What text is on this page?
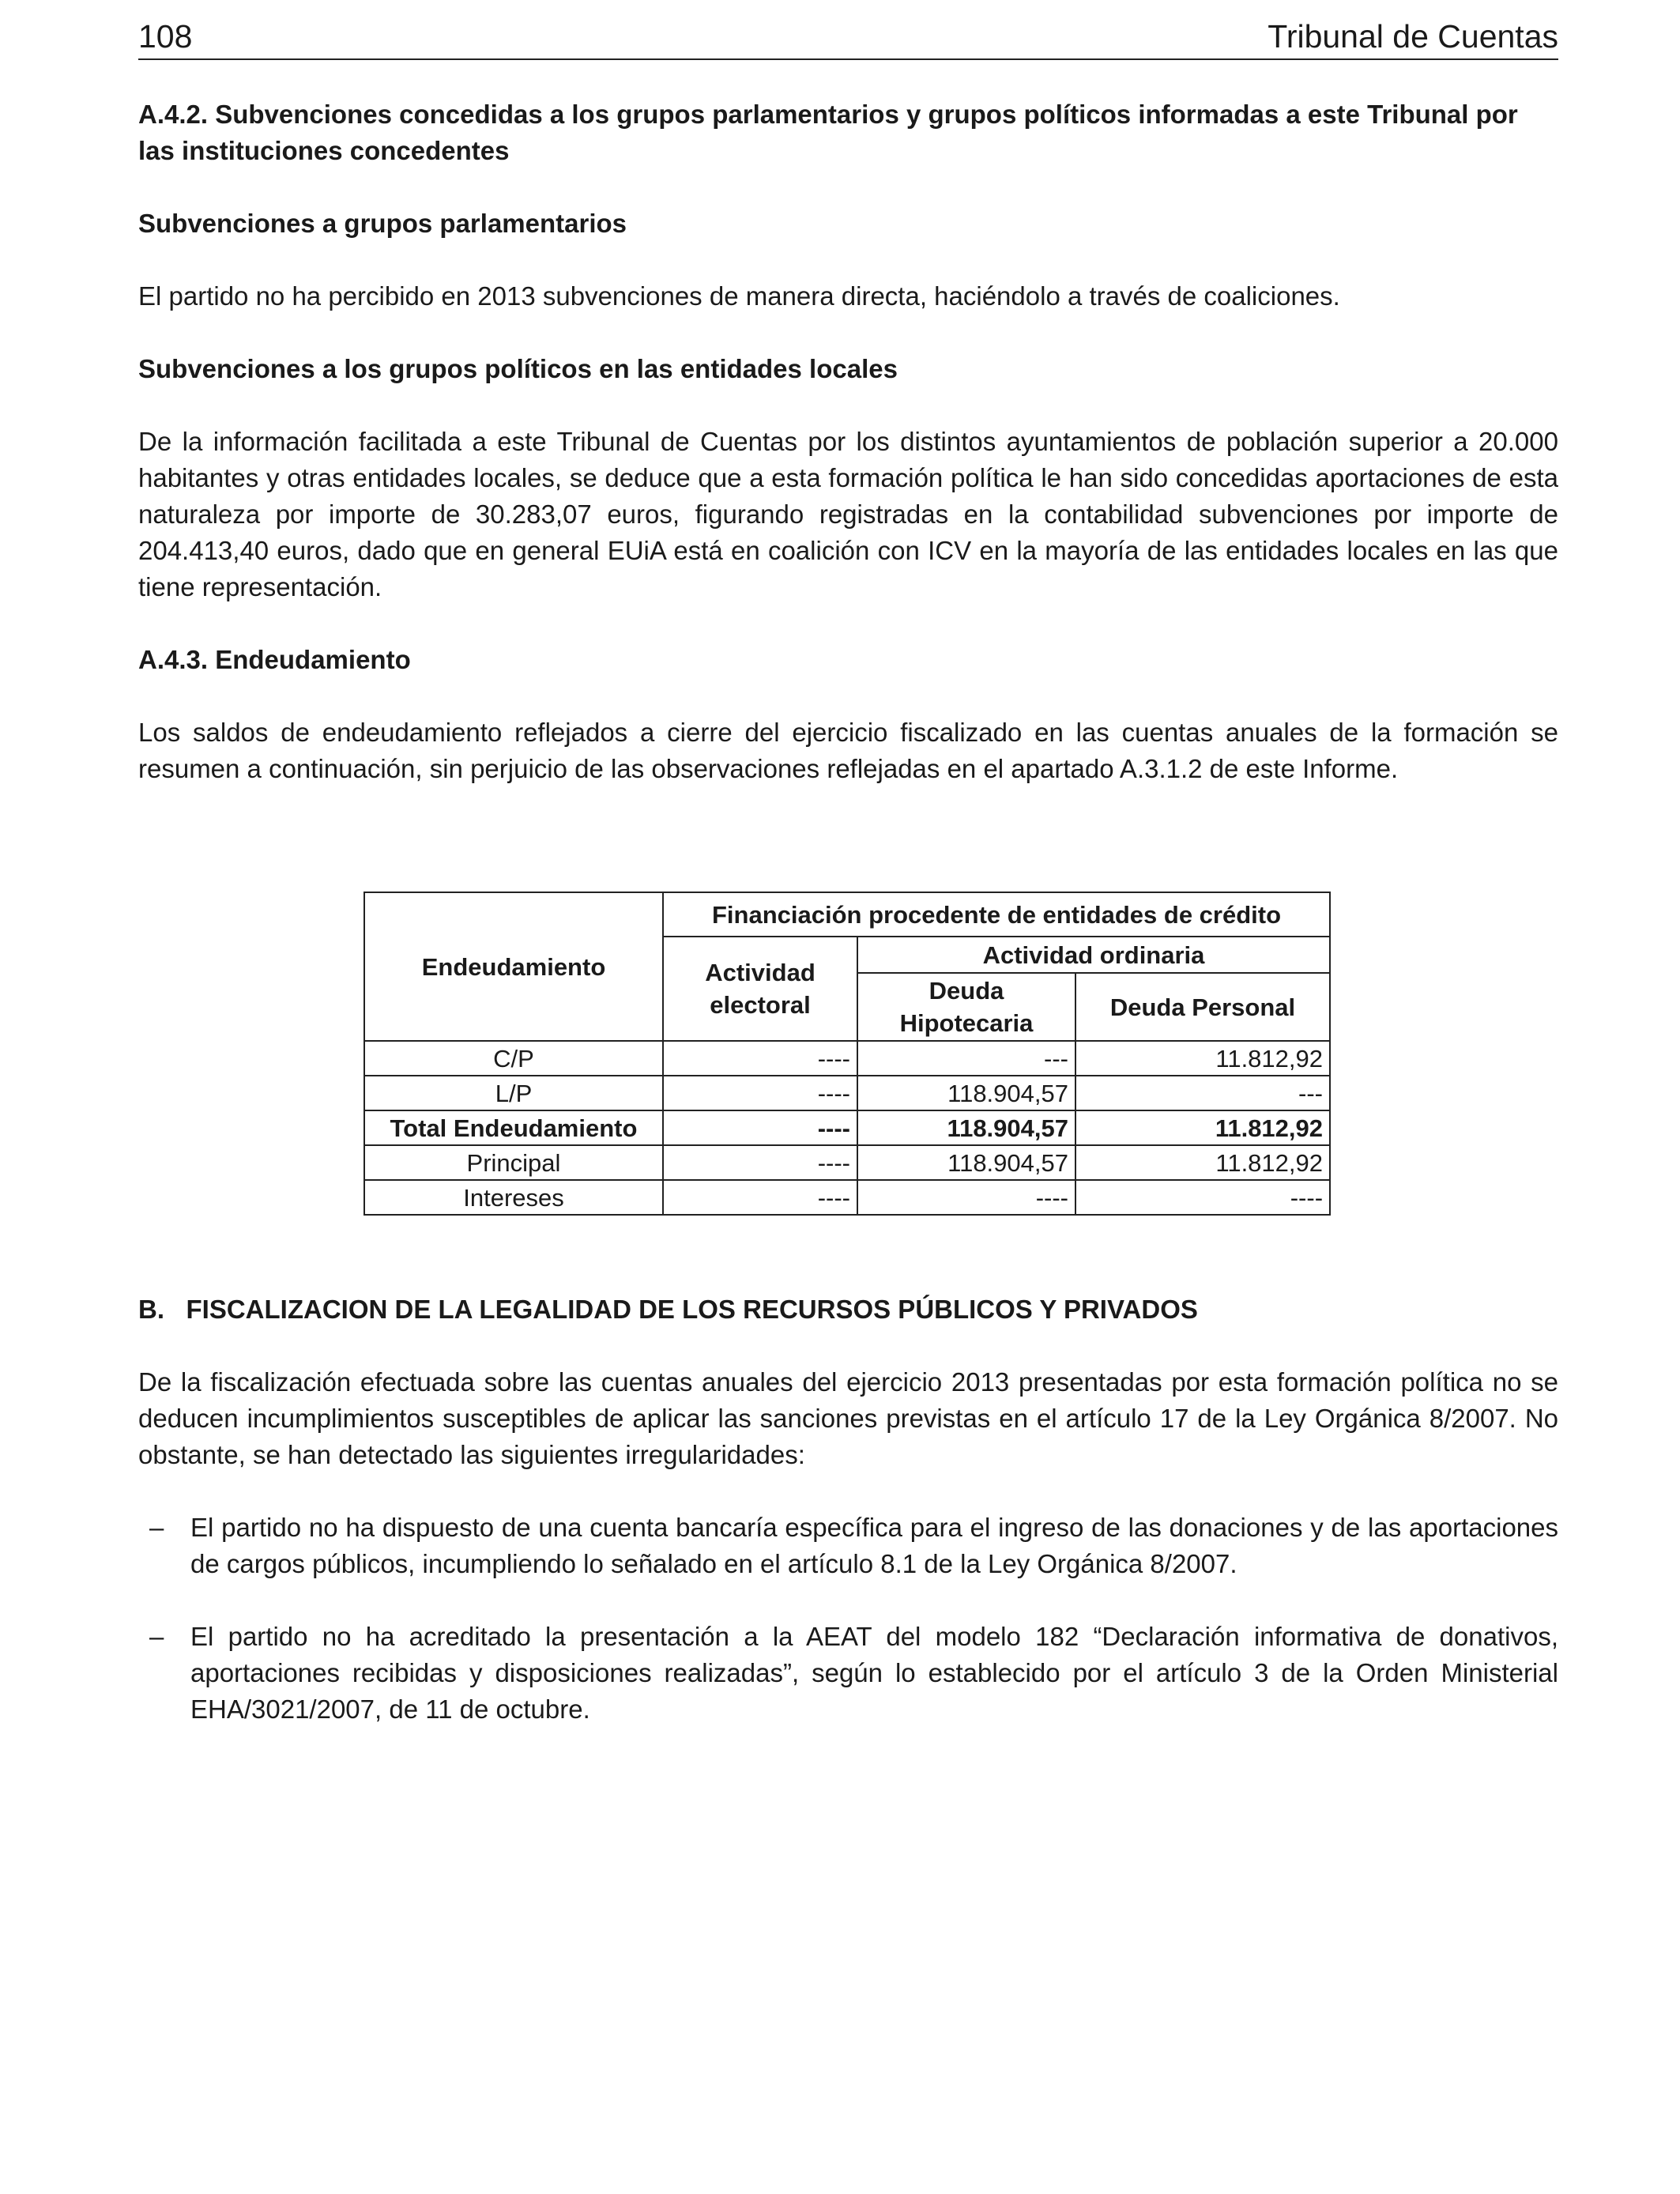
108	Tribunal de Cuentas
A.4.2. Subvenciones concedidas a los grupos parlamentarios y grupos políticos informadas a este Tribunal por las instituciones concedentes
Subvenciones a grupos parlamentarios

El partido no ha percibido en 2013 subvenciones de manera directa, haciéndolo a través de coaliciones.

Subvenciones a los grupos políticos en las entidades locales

De la información facilitada a este Tribunal de Cuentas por los distintos ayuntamientos de población superior a 20.000 habitantes y otras entidades locales, se deduce que a esta formación política le han sido concedidas aportaciones de esta naturaleza por importe de 30.283,07 euros, figurando registradas en la contabilidad subvenciones por importe de 204.413,40 euros, dado que en general EUiA está en coalición con ICV en la mayoría de las entidades locales en las que tiene representación.

A.4.3. Endeudamiento

Los saldos de endeudamiento reflejados a cierre del ejercicio fiscalizado en las cuentas anuales de la formación se resumen a continuación, sin perjuicio de las observaciones reflejadas en el apartado A.3.1.2 de este Informe.

Endeudamiento	Financiación procedente de entidades de crédito		
	Actividad electoral	Actividad ordinaria	
		Deuda Hipotecaria	Deuda Personal
C/P	----	---	11.812,92
L/P	----	118.904,57	---
Total Endeudamiento	----	118.904,57	11.812,92
Principal	----	118.904,57	11.812,92
Intereses	----	----	----
B.   FISCALIZACION DE LA LEGALIDAD DE LOS RECURSOS PÚBLICOS Y PRIVADOS

De la fiscalización efectuada sobre las cuentas anuales del ejercicio 2013 presentadas por esta formación política no se deducen incumplimientos susceptibles de aplicar las sanciones previstas en el artículo 17 de la Ley Orgánica 8/2007. No obstante, se han detectado las siguientes irregularidades:

– El partido no ha dispuesto de una cuenta bancaría específica para el ingreso de las donaciones y de las aportaciones de cargos públicos, incumpliendo lo señalado en el artículo 8.1 de la Ley Orgánica 8/2007.
– El partido no ha acreditado la presentación a la AEAT del modelo 182 “Declaración informativa de donativos, aportaciones recibidas y disposiciones realizadas”, según lo establecido por el artículo 3 de la Orden Ministerial EHA/3021/2007, de 11 de octubre.
